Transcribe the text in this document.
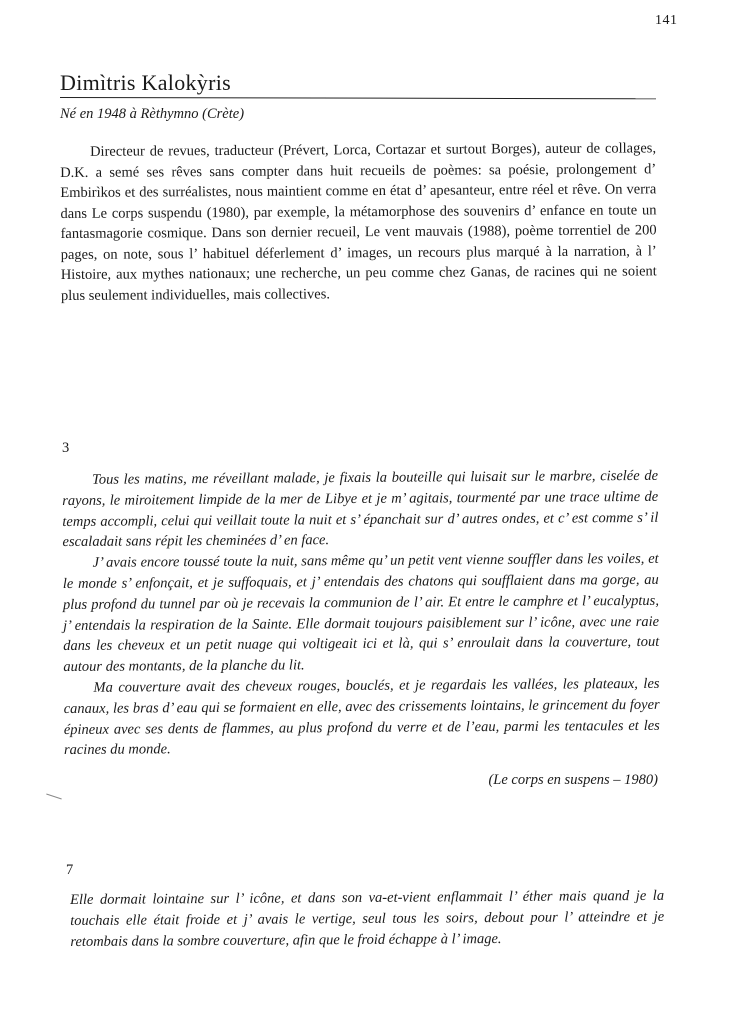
141
Dimìtris Kalokỳris
Né en 1948 à Rèthymno (Crète)

Directeur de revues, traducteur (Prévert, Lorca, Cortazar et surtout Borges), auteur de collages, D.K. a semé ses rêves sans compter dans huit recueils de poèmes: sa poésie, prolongement d’ Embirìkos et des surréalistes, nous maintient comme en état d’ apesanteur, entre réel et rêve. On verra dans Le corps suspendu (1980), par exemple, la métamorphose des souvenirs d’ enfance en toute un fantasmagorie cosmique. Dans son dernier recueil, Le vent mauvais (1988), poème torrentiel de 200 pages, on note, sous l’ habituel déferlement d’ images, un recours plus marqué à la narration, à l’ Histoire, aux mythes nationaux; une recherche, un peu comme chez Ganas, de racines qui ne soient plus seulement individuelles, mais collectives.

3

Tous les matins, me réveillant malade, je fixais la bouteille qui luisait sur le marbre, ciselée de rayons, le miroitement limpide de la mer de Libye et je m’ agitais, tourmenté par une trace ultime de temps accompli, celui qui veillait toute la nuit et s’ épanchait sur d’ autres ondes, et c’ est comme s’ il escaladait sans répit les cheminées d’ en face.

J’ avais encore toussé toute la nuit, sans même qu’ un petit vent vienne souffler dans les voiles, et le monde s’ enfonçait, et je suffoquais, et j’ entendais des chatons qui soufflaient dans ma gorge, au plus profond du tunnel par où je recevais la communion de l’ air. Et entre le camphre et l’ eucalyptus, j’ entendais la respiration de la Sainte. Elle dormait toujours paisiblement sur l’ icône, avec une raie dans les cheveux et un petit nuage qui voltigeait ici et là, qui s’ enroulait dans la couverture, tout autour des montants, de la planche du lit.

Ma couverture avait des cheveux rouges, bouclés, et je regardais les vallées, les plateaux, les canaux, les bras d’ eau qui se formaient en elle, avec des crissements lointains, le grincement du foyer épineux avec ses dents de flammes, au plus profond du verre et de l’eau, parmi les tentacules et les racines du monde.

(Le corps en suspens – 1980)
7

Elle dormait lointaine sur l’ icône, et dans son va-et-vient enflammait l’ éther mais quand je la touchais elle était froide et j’ avais le vertige, seul tous les soirs, debout pour l’ atteindre et je retombais dans la sombre couverture, afin que le froid échappe à l’ image.
